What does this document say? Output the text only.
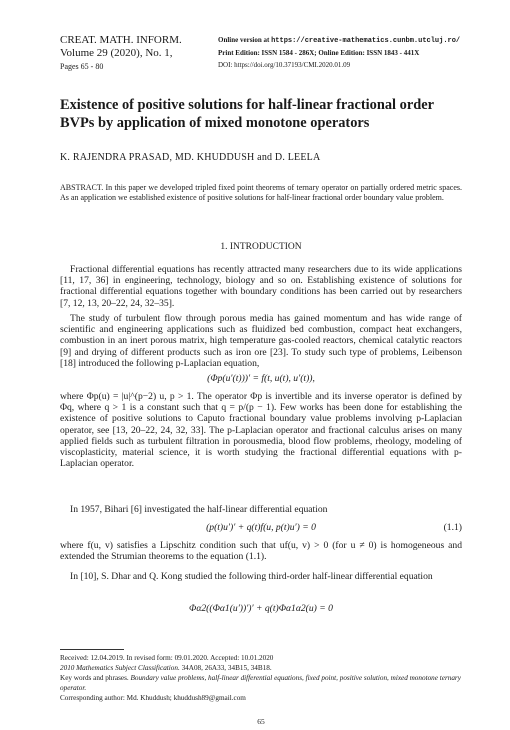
CREAT. MATH. INFORM.
Volume 29 (2020), No. 1,
Pages 65 - 80
Online version at https://creative-mathematics.cunbm.utcluj.ro/
Print Edition: ISSN 1584 - 286X; Online Edition: ISSN 1843 - 441X
DOI: https://doi.org/10.37193/CMI.2020.01.09
Existence of positive solutions for half-linear fractional order BVPs by application of mixed monotone operators
K. RAJENDRA PRASAD, MD. KHUDDUSH and D. LEELA
ABSTRACT. In this paper we developed tripled fixed point theorems of ternary operator on partially ordered metric spaces. As an application we established existence of positive solutions for half-linear fractional order boundary value problem.
1. INTRODUCTION
Fractional differential equations has recently attracted many researchers due to its wide applications [11, 17, 36] in engineering, technology, biology and so on. Establishing existence of solutions for fractional differential equations together with boundary conditions has been carried out by researchers [7, 12, 13, 20–22, 24, 32–35].
The study of turbulent flow through porous media has gained momentum and has wide range of scientific and engineering applications such as fluidized bed combustion, compact heat exchangers, combustion in an inert porous matrix, high temperature gas-cooled reactors, chemical catalytic reactors [9] and drying of different products such as iron ore [23]. To study such type of problems, Leibenson [18] introduced the following p-Laplacian equation,
(Φp(u′(t)))′ = f(t, u(t), u′(t)),
where Φp(u) = |u|^(p−2) u, p > 1. The operator Φp is invertible and its inverse operator is defined by Φq, where q > 1 is a constant such that q = p/(p − 1). Few works has been done for establishing the existence of positive solutions to Caputo fractional boundary value problems involving p-Laplacian operator, see [13, 20–22, 24, 32, 33]. The p-Laplacian operator and fractional calculus arises on many applied fields such as turbulent filtration in porousmedia, blood flow problems, rheology, modeling of viscoplasticity, material science, it is worth studying the fractional differential equations with p-Laplacian operator.
In 1957, Bihari [6] investigated the half-linear differential equation
(p(t)u′)′ + q(t)f(u, p(t)u′) = 0	(1.1)
where f(u, v) satisfies a Lipschitz condition such that uf(u, v) > 0 (for u ≠ 0) is homogeneous and extended the Strumian theorems to the equation (1.1).
In [10], S. Dhar and Q. Kong studied the following third-order half-linear differential equation
Φα2((Φα1(u′))′)′ + q(t)Φα1α2(u) = 0
Received: 12.04.2019. In revised form: 09.01.2020. Accepted: 10.01.2020
2010 Mathematics Subject Classification. 34A08, 26A33, 34B15, 34B18.
Key words and phrases. Boundary value problems, half-linear differential equations, fixed point, positive solution, mixed monotone ternary operator.
Corresponding author: Md. Khuddush; khuddush89@gmail.com
65
